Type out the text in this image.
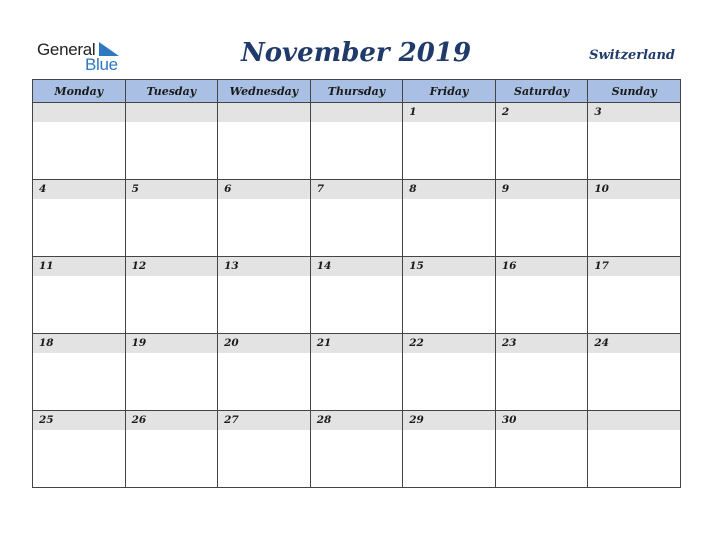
General
Blue	November 2019	Switzerland
Monday	Tuesday	Wednesday	Thursday	Friday	Saturday	Sunday

				1	2	3

4	5	6	7	8	9	10

11	12	13	14	15	16	17

18	19	20	21	22	23	24

25	26	27	28	29	30	
